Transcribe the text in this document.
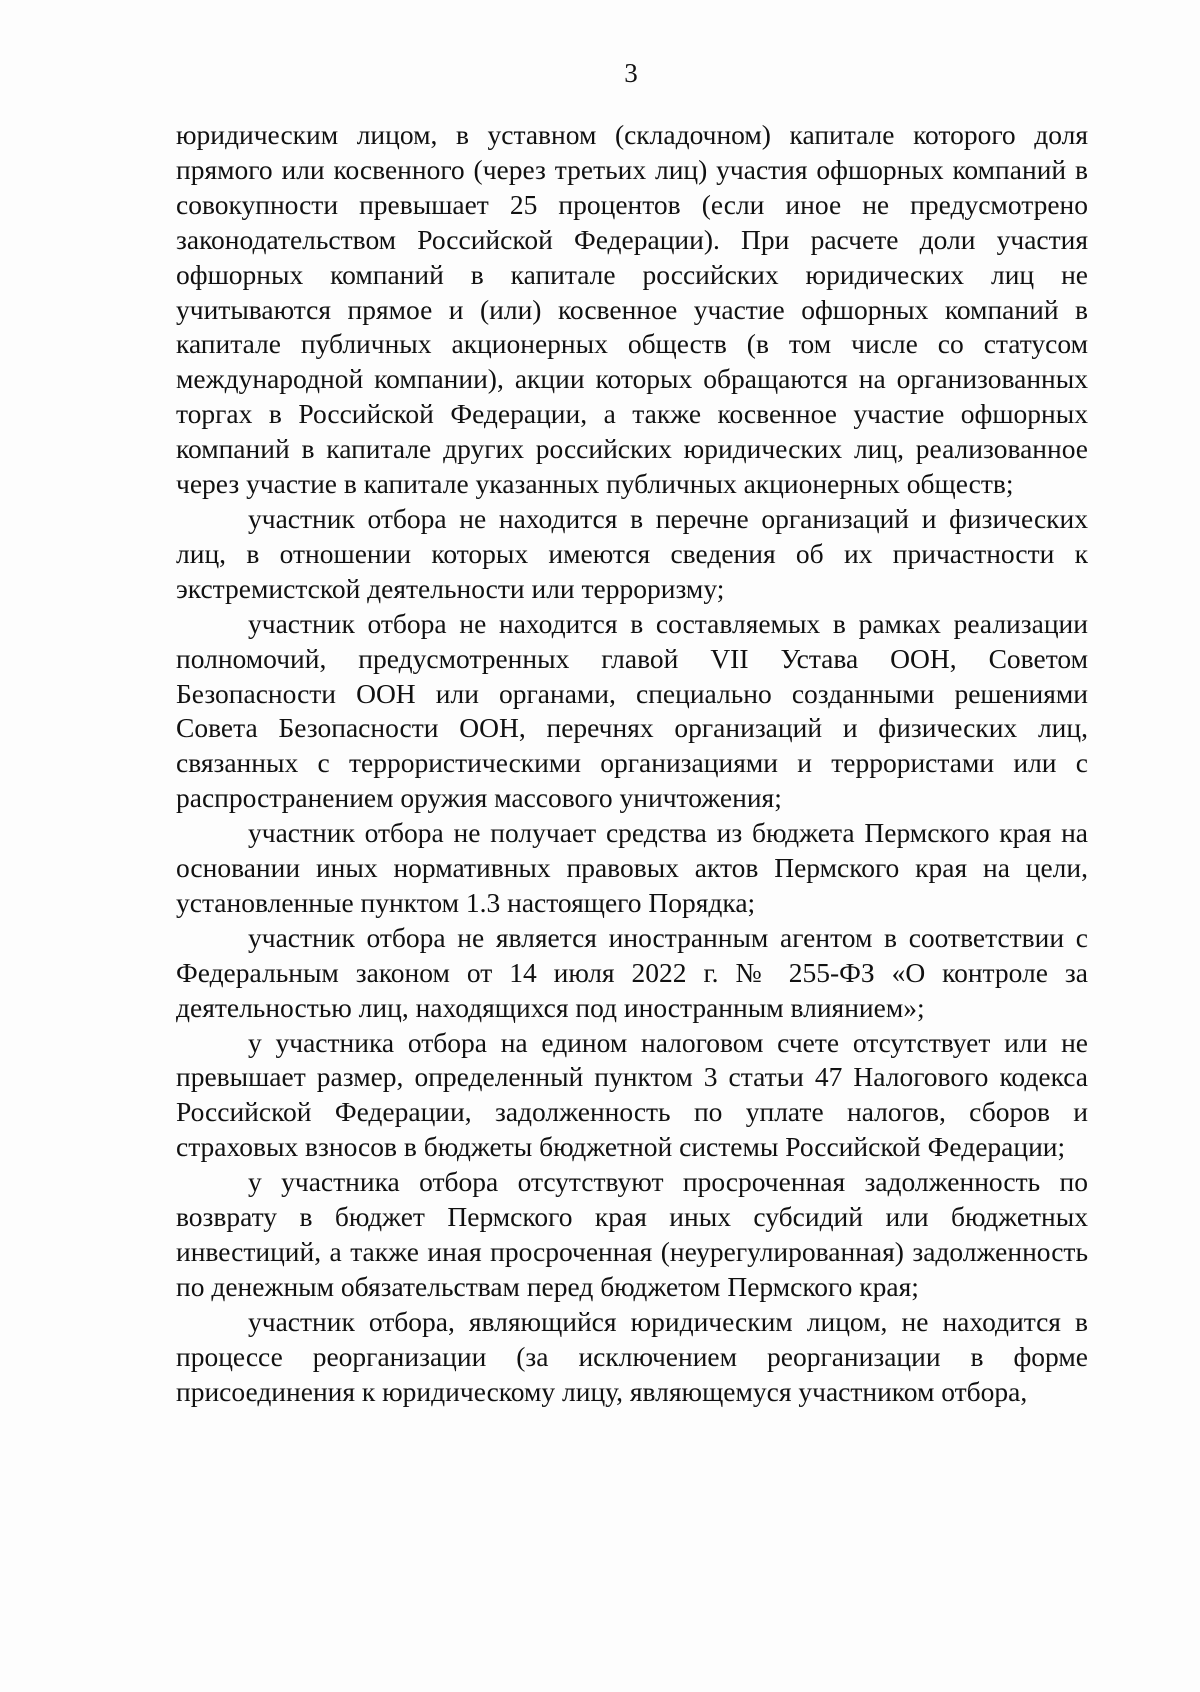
3

юридическим лицом, в уставном (складочном) капитале которого доля прямого или косвенного (через третьих лиц) участия офшорных компаний в совокупности превышает 25 процентов (если иное не предусмотрено законодательством Российской Федерации). При расчете доли участия офшорных компаний в капитале российских юридических лиц не учитываются прямое и (или) косвенное участие офшорных компаний в капитале публичных акционерных обществ (в том числе со статусом международной компании), акции которых обращаются на организованных торгах в Российской Федерации, а также косвенное участие офшорных компаний в капитале других российских юридических лиц, реализованное через участие в капитале указанных публичных акционерных обществ;

участник отбора не находится в перечне организаций и физических лиц, в отношении которых имеются сведения об их причастности к экстремистской деятельности или терроризму;

участник отбора не находится в составляемых в рамках реализации полномочий, предусмотренных главой VII Устава ООН, Советом Безопасности ООН или органами, специально созданными решениями Совета Безопасности ООН, перечнях организаций и физических лиц, связанных с террористическими организациями и террористами или с распространением оружия массового уничтожения;

участник отбора не получает средства из бюджета Пермского края на основании иных нормативных правовых актов Пермского края на цели, установленные пунктом 1.3 настоящего Порядка;

участник отбора не является иностранным агентом в соответствии с Федеральным законом от 14 июля 2022 г. № 255-ФЗ «О контроле за деятельностью лиц, находящихся под иностранным влиянием»;

у участника отбора на едином налоговом счете отсутствует или не превышает размер, определенный пунктом 3 статьи 47 Налогового кодекса Российской Федерации, задолженность по уплате налогов, сборов и страховых взносов в бюджеты бюджетной системы Российской Федерации;

у участника отбора отсутствуют просроченная задолженность по возврату в бюджет Пермского края иных субсидий или бюджетных инвестиций, а также иная просроченная (неурегулированная) задолженность по денежным обязательствам перед бюджетом Пермского края;

участник отбора, являющийся юридическим лицом, не находится в процессе реорганизации (за исключением реорганизации в форме присоединения к юридическому лицу, являющемуся участником отбора,
